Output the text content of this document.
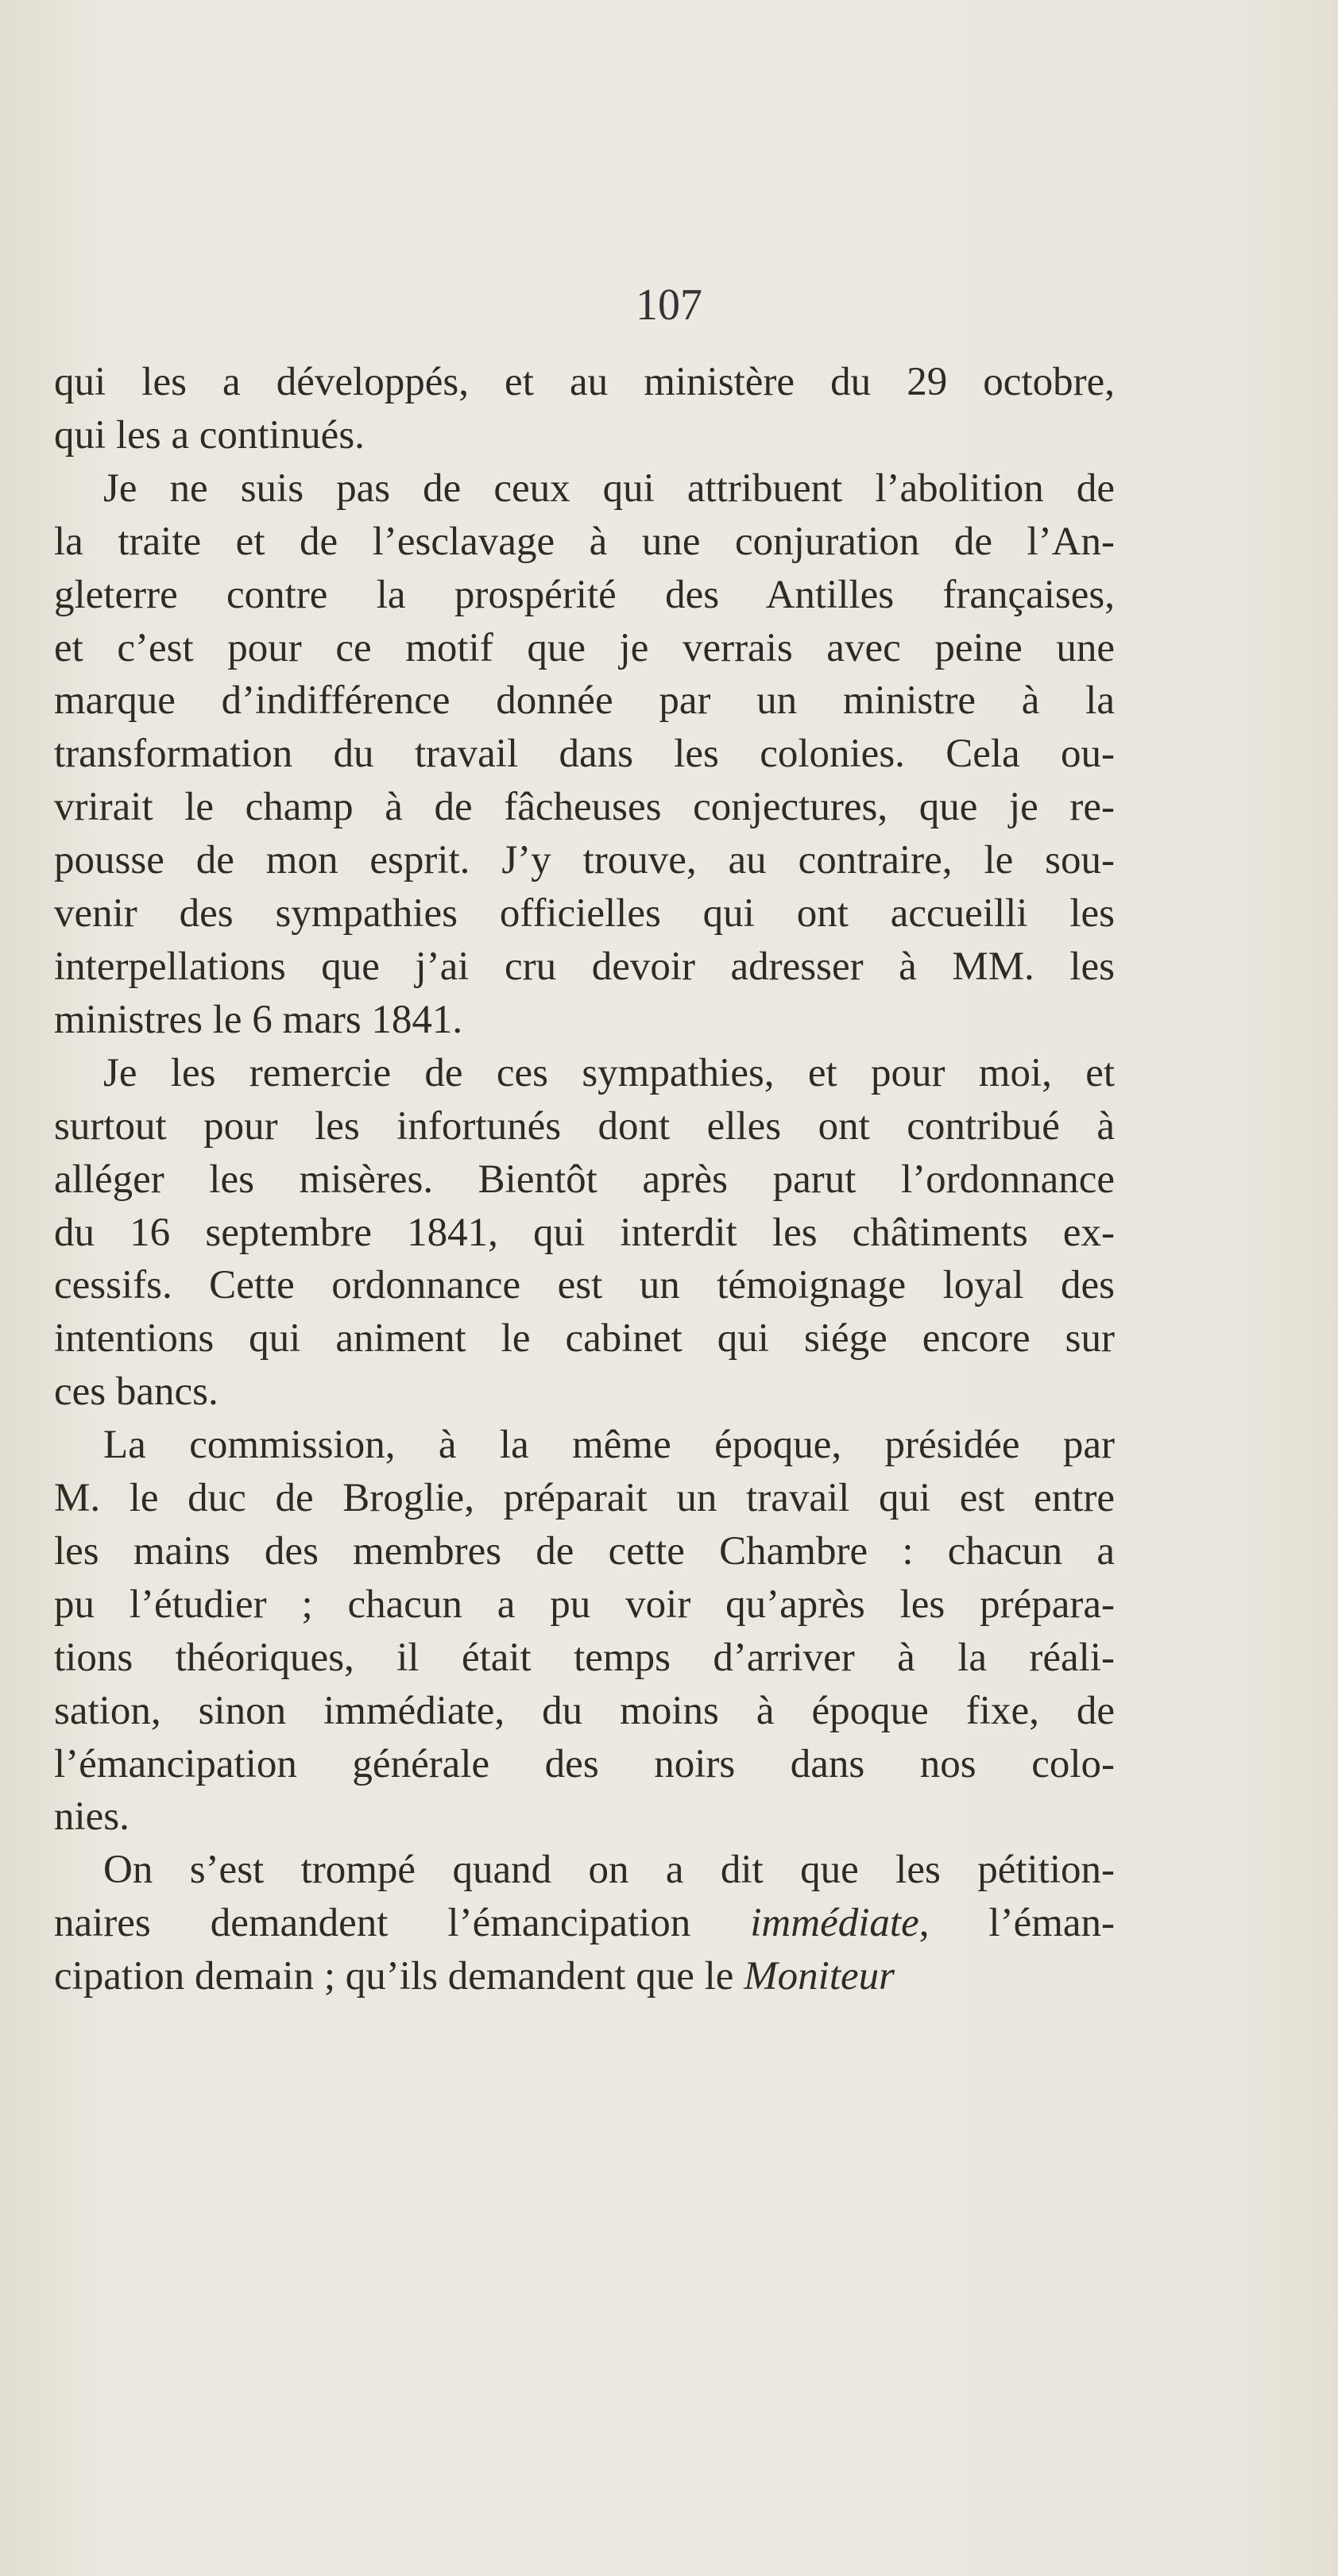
107
qui les a développés, et au ministère du 29 octobre,
qui les a continués.
Je ne suis pas de ceux qui attribuent l’abolition de
la traite et de l’esclavage à une conjuration de l’An-
gleterre contre la prospérité des Antilles françaises,
et c’est pour ce motif que je verrais avec peine une
marque d’indifférence donnée par un ministre à la
transformation du travail dans les colonies. Cela ou-
vrirait le champ à de fâcheuses conjectures, que je re-
pousse de mon esprit. J’y trouve, au contraire, le sou-
venir des sympathies officielles qui ont accueilli les
interpellations que j’ai cru devoir adresser à MM. les
ministres le 6 mars 1841.
Je les remercie de ces sympathies, et pour moi, et
surtout pour les infortunés dont elles ont contribué à
alléger les misères. Bientôt après parut l’ordonnance
du 16 septembre 1841, qui interdit les châtiments ex-
cessifs. Cette ordonnance est un témoignage loyal des
intentions qui animent le cabinet qui siége encore sur
ces bancs.
La commission, à la même époque, présidée par
M. le duc de Broglie, préparait un travail qui est entre
les mains des membres de cette Chambre : chacun a
pu l’étudier ; chacun a pu voir qu’après les prépara-
tions théoriques, il était temps d’arriver à la réali-
sation, sinon immédiate, du moins à époque fixe, de
l’émancipation générale des noirs dans nos colo-
nies.
On s’est trompé quand on a dit que les pétition-
naires demandent l’émancipation immédiate, l’éman-
cipation demain ; qu’ils demandent que le Moniteur
